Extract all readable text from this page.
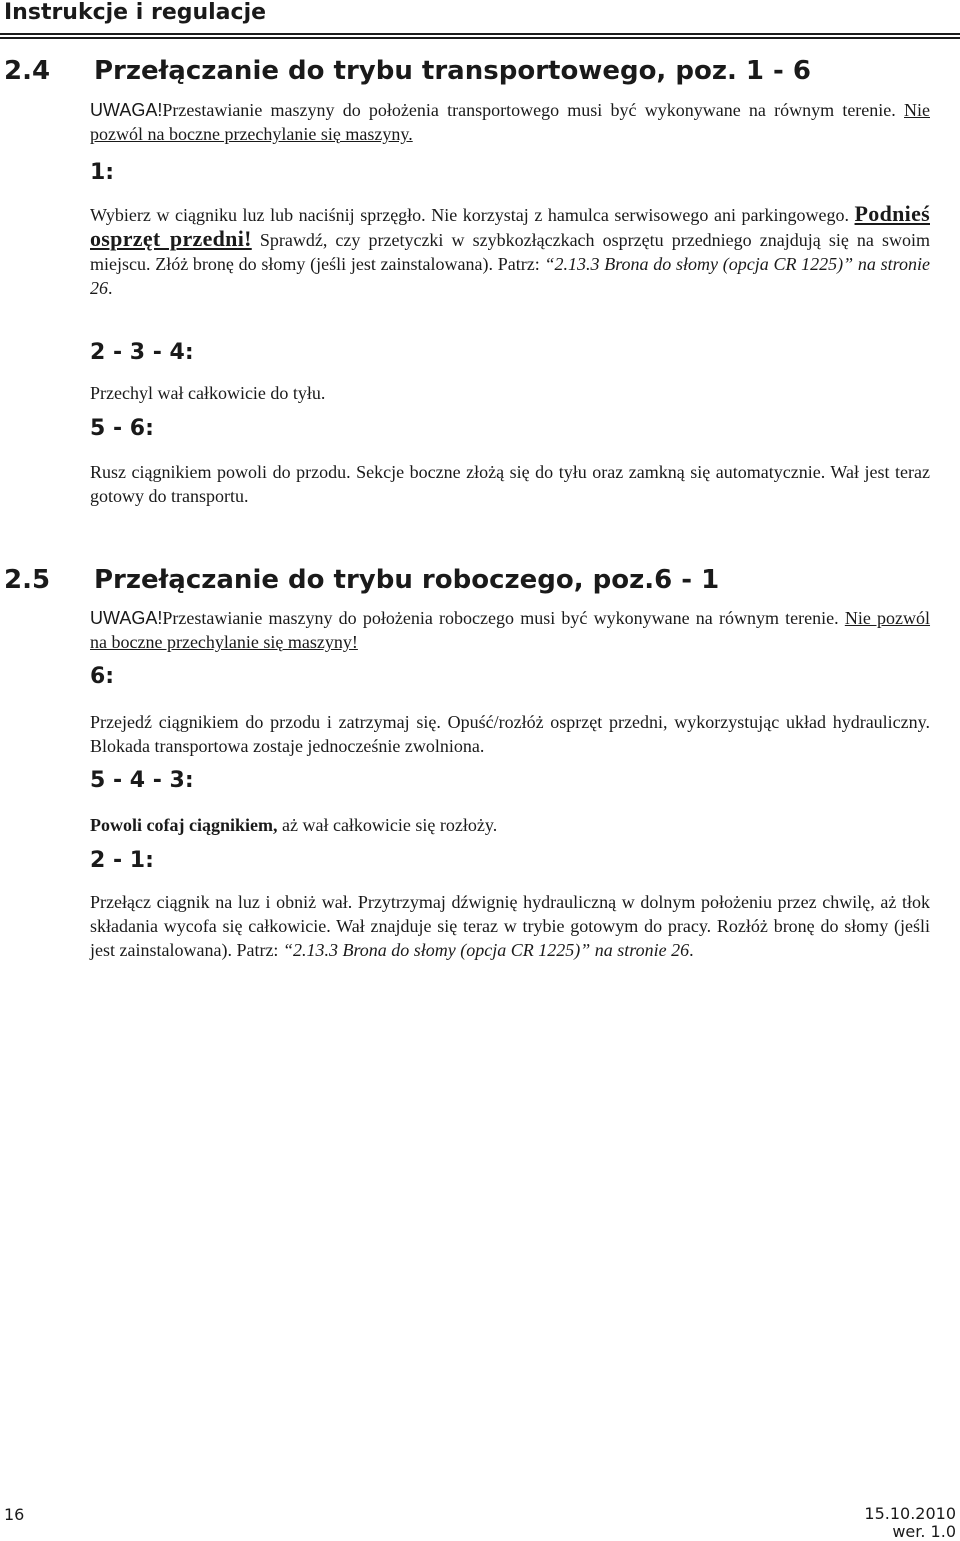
Instrukcje i regulacje
2.4 Przełączanie do trybu transportowego, poz. 1 - 6
UWAGA!Przestawianie maszyny do położenia transportowego musi być wykonywane na równym terenie. Nie pozwól na boczne przechylanie się maszyny.
1:
Wybierz w ciągniku luz lub naciśnij sprzęgło. Nie korzystaj z hamulca serwisowego ani parkingowego. Podnieś osprzęt przedni! Sprawdź, czy przetyczki w szybkozłączkach osprzętu przedniego znajdują się na swoim miejscu. Złóż bronę do słomy (jeśli jest zainstalowana). Patrz: “2.13.3 Brona do słomy (opcja CR 1225)” na stronie 26.
2 - 3 - 4:
Przechyl wał całkowicie do tyłu.
5 - 6:
Rusz ciągnikiem powoli do przodu. Sekcje boczne złożą się do tyłu oraz zamkną się automatycznie. Wał jest teraz gotowy do transportu.
2.5 Przełączanie do trybu roboczego, poz.6 - 1
UWAGA!Przestawianie maszyny do położenia roboczego musi być wykonywane na równym terenie. Nie pozwól na boczne przechylanie się maszyny!
6:
Przejedź ciągnikiem do przodu i zatrzymaj się. Opuść/rozłóż osprzęt przedni, wykorzystując układ hydrauliczny. Blokada transportowa zostaje jednocześnie zwolniona.
5 - 4 - 3:
Powoli cofaj ciągnikiem, aż wał całkowicie się rozłoży.
2 - 1:
Przełącz ciągnik na luz i obniż wał. Przytrzymaj dźwignię hydrauliczną w dolnym położeniu przez chwilę, aż tłok składania wycofa się całkowicie. Wał znajduje się teraz w trybie gotowym do pracy. Rozłóż bronę do słomy (jeśli jest zainstalowana). Patrz: “2.13.3 Brona do słomy (opcja CR 1225)” na stronie 26.
16	15.10.2010
wer. 1.0
